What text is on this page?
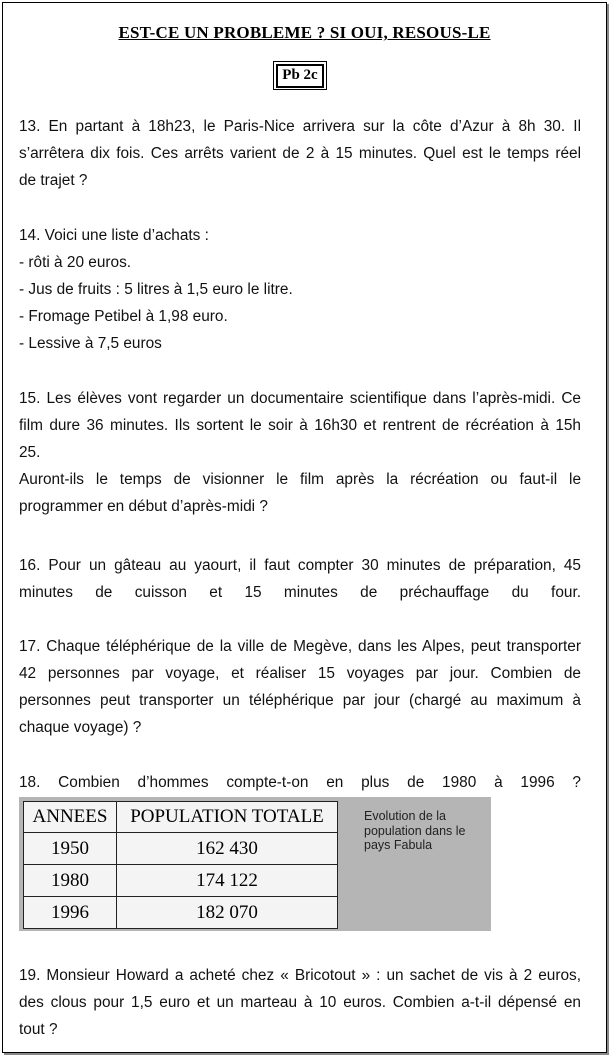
EST-CE UN PROBLEME ? SI OUI, RESOUS-LE
Pb 2c

13. En partant à 18h23, le Paris-Nice arrivera sur la côte d’Azur à 8h 30. Il

s’arrêtera dix fois. Ces arrêts varient de 2 à 15 minutes. Quel est le temps réel

de trajet ?

14. Voici une liste d’achats :

- rôti à 20 euros.

- Jus de fruits : 5 litres à 1,5 euro le litre.

- Fromage Petibel à 1,98 euro.

- Lessive à 7,5 euros

15. Les élèves vont regarder un documentaire scientifique dans l’après-midi. Ce

film dure 36 minutes. Ils sortent le soir à 16h30 et rentrent de récréation à 15h

25.

Auront-ils le temps de visionner le film après la récréation ou faut-il le

programmer en début d’après-midi ?

16. Pour un gâteau au yaourt, il faut compter 30 minutes de préparation, 45

minutes de cuisson et 15 minutes de préchauffage du four.

17. Chaque téléphérique de la ville de Megève, dans les Alpes, peut transporter

42 personnes par voyage, et réaliser 15 voyages par jour. Combien de

personnes peut transporter un téléphérique par jour (chargé au maximum à

chaque voyage) ?

18. Combien d’hommes compte-t-on en plus de 1980 à 1996 ?

ANNEES	POPULATION TOTALE
1950	162 430
1980	174 122
1996	182 070
Evolution de la population dans le pays Fabula

19. Monsieur Howard a acheté chez « Bricotout » : un sachet de vis à 2 euros,

des clous pour 1,5 euro et un marteau à 10 euros. Combien a-t-il dépensé en

tout ?
